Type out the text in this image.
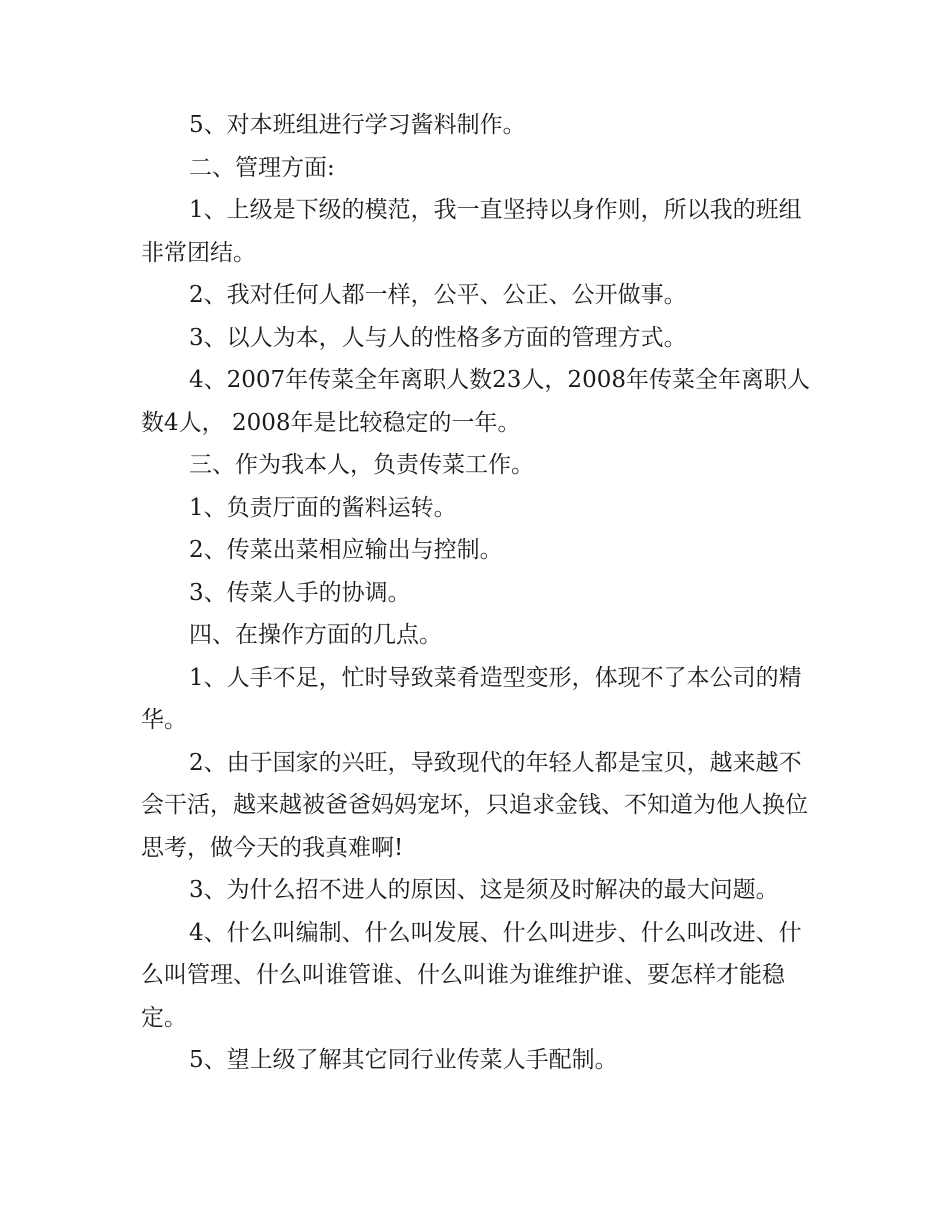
5、对本班组进行学习酱料制作。

二、管理方面:

1、上级是下级的模范，我一直坚持以身作则，所以我的班组非常团结。

2、我对任何人都一样，公平、公正、公开做事。

3、以人为本，人与人的性格多方面的管理方式。

4、2007年传菜全年离职人数23人，2008年传菜全年离职人数4人， 2008年是比较稳定的一年。

三、作为我本人，负责传菜工作。

1、负责厅面的酱料运转。

2、传菜出菜相应输出与控制。

3、传菜人手的协调。

四、在操作方面的几点。

1、人手不足，忙时导致菜肴造型变形，体现不了本公司的精华。

2、由于国家的兴旺，导致现代的年轻人都是宝贝，越来越不会干活，越来越被爸爸妈妈宠坏，只追求金钱、不知道为他人换位思考，做今天的我真难啊!

3、为什么招不进人的原因、这是须及时解决的最大问题。

4、什么叫编制、什么叫发展、什么叫进步、什么叫改进、什么叫管理、什么叫谁管谁、什么叫谁为谁维护谁、要怎样才能稳定。

5、望上级了解其它同行业传菜人手配制。
